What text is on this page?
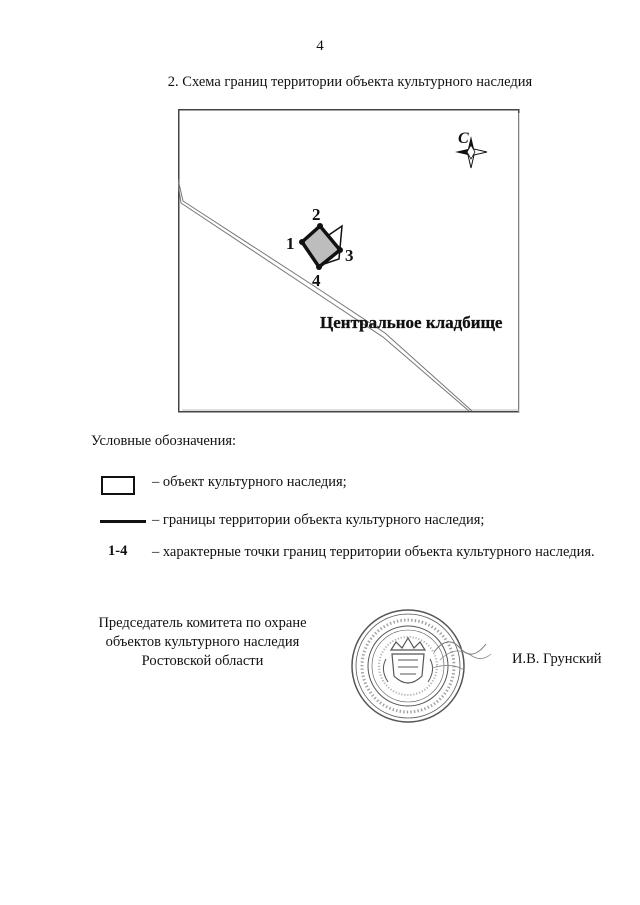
4
2. Схема границ территории объекта культурного наследия
1
2
3
4
Центральное кладбище
С
Условные обозначения:
– объект культурного наследия;
– границы территории объекта культурного наследия;
1-4 – характерные точки границ территории объекта культурного наследия.
Председатель комитета по охране объектов культурного наследия Ростовской области	И.В. Грунский
